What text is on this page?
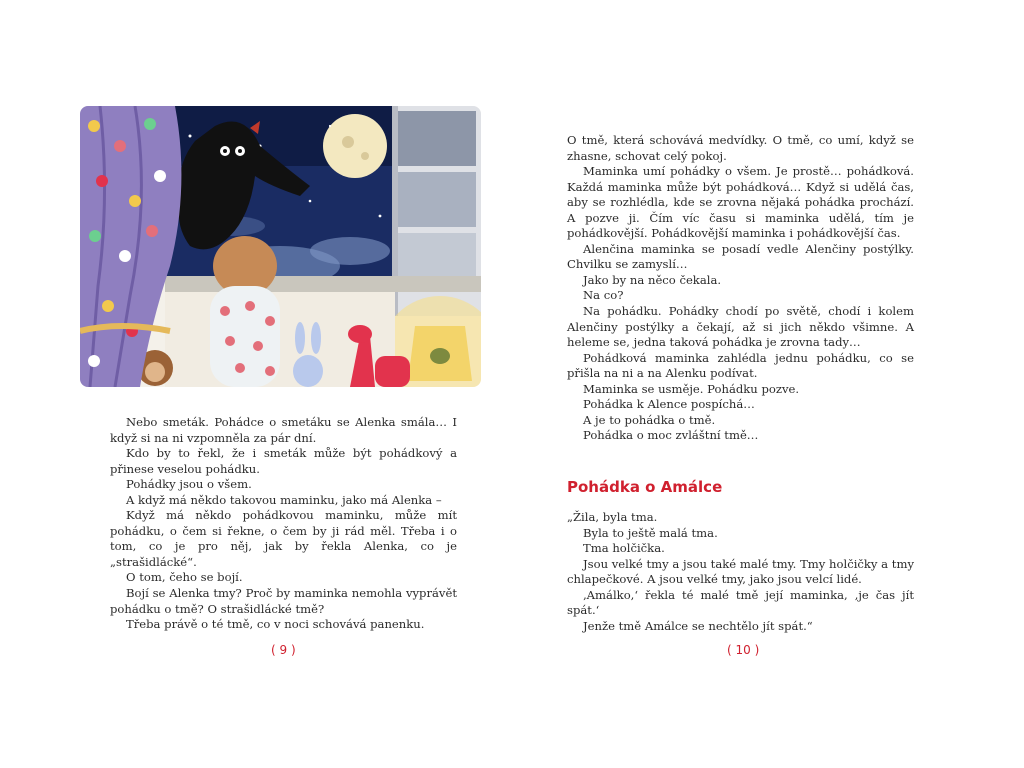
Nebo smeták. Pohádce o smetáku se Alenka smála… I když si na ni vzpomněla za pár dní.

Kdo by to řekl, že i smeták může být pohádkový a přinese veselou pohádku.

Pohádky jsou o všem.

A když má někdo takovou maminku, jako má Alenka –

Když má někdo pohádkovou maminku, může mít pohádku, o čem si řekne, o čem by ji rád měl. Třeba i o tom, co je pro něj, jak by řekla Alenka, co je „strašidlácké“.

O tom, čeho se bojí.

Bojí se Alenka tmy? Proč by maminka nemohla vyprávět pohádku o tmě? O strašidlácké tmě?

Třeba právě o té tmě, co v noci schovává panenku.

( 9 )

O tmě, která schovává medvídky. O tmě, co umí, když se zhasne, schovat celý pokoj.

Maminka umí pohádky o všem. Je prostě… pohádková. Každá maminka může být pohádková… Když si udělá čas, aby se rozhlédla, kde se zrovna nějaká pohádka prochází. A pozve ji. Čím víc času si maminka udělá, tím je pohádkovější. Pohádkovější maminka i pohádkovější čas.

Alenčina maminka se posadí vedle Alenčiny postýlky. Chvilku se zamyslí…

Jako by na něco čekala.

Na co?

Na pohádku. Pohádky chodí po světě, chodí i kolem Alenčiny postýlky a čekají, až si jich někdo všimne. A heleme se, jedna taková pohádka je zrovna tady…

Pohádková maminka zahlédla jednu pohádku, co se přišla na ni a na Alenku podívat.

Maminka se usměje. Pohádku pozve.

Pohádka k Alence pospíchá…

A je to pohádka o tmě.

Pohádka o moc zvláštní tmě…

Pohádka o Amálce

„Žila, byla tma.

Byla to ještě malá tma.

Tma holčička.

Jsou velké tmy a jsou také malé tmy. Tmy holčičky a tmy chlapečkové. A jsou velké tmy, jako jsou velcí lidé.

‚Amálko,‘ řekla té malé tmě její maminka, ‚je čas jít spát.‘

Jenže tmě Amálce se nechtělo jít spát.“

( 10 )
